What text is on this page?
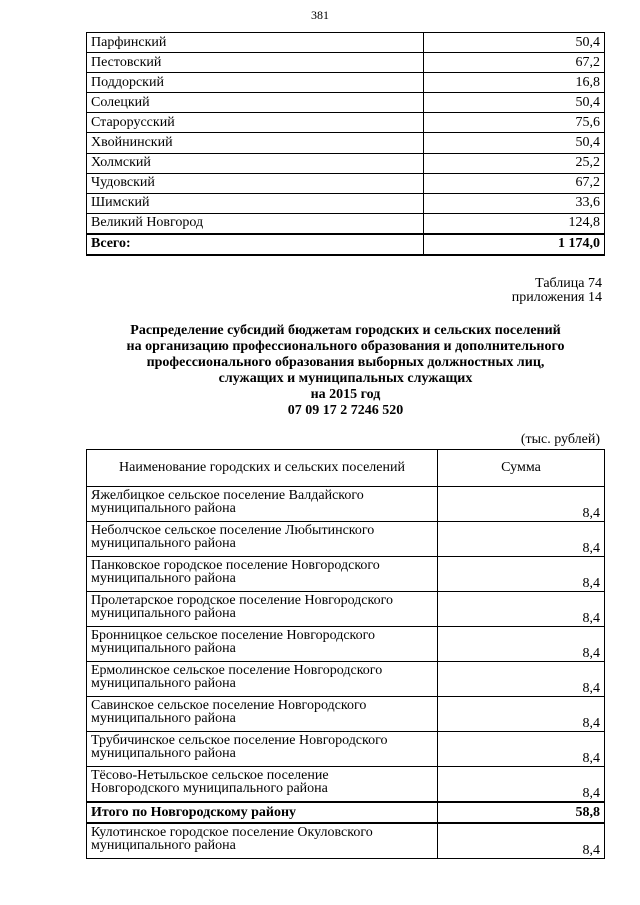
381
Парфинский	50,4
Пестовский	67,2
Поддорский	16,8
Солецкий	50,4
Старорусский	75,6
Хвойнинский	50,4
Холмский	25,2
Чудовский	67,2
Шимский	33,6
Великий Новгород	124,8
Всего:	1 174,0
Таблица 74
приложения 14
Распределение субсидий бюджетам городских и сельских поселений
на организацию профессионального образования и дополнительного
профессионального образования выборных должностных лиц,
служащих и муниципальных служащих
на 2015 год
07 09 17 2 7246 520
(тыс. рублей)
Наименование городских и сельских поселений	Сумма

Яжелбицкое сельское поселение Валдайского
муниципального района	8,4

Неболчское сельское поселение Любытинского
муниципального района	8,4

Панковское городское поселение Новгородского
муниципального района	8,4

Пролетарское городское поселение Новгородского
муниципального района	8,4

Бронницкое сельское поселение Новгородского
муниципального района	8,4

Ермолинское сельское поселение Новгородского
муниципального района	8,4

Савинское сельское поселение Новгородского
муниципального района	8,4

Трубичинское сельское поселение Новгородского
муниципального района	8,4

Тёсово-Нетыльское сельское поселение
Новгородского муниципального района	8,4
Итого по Новгородскому району	58,8

Кулотинское городское поселение Окуловского
муниципального района	8,4
